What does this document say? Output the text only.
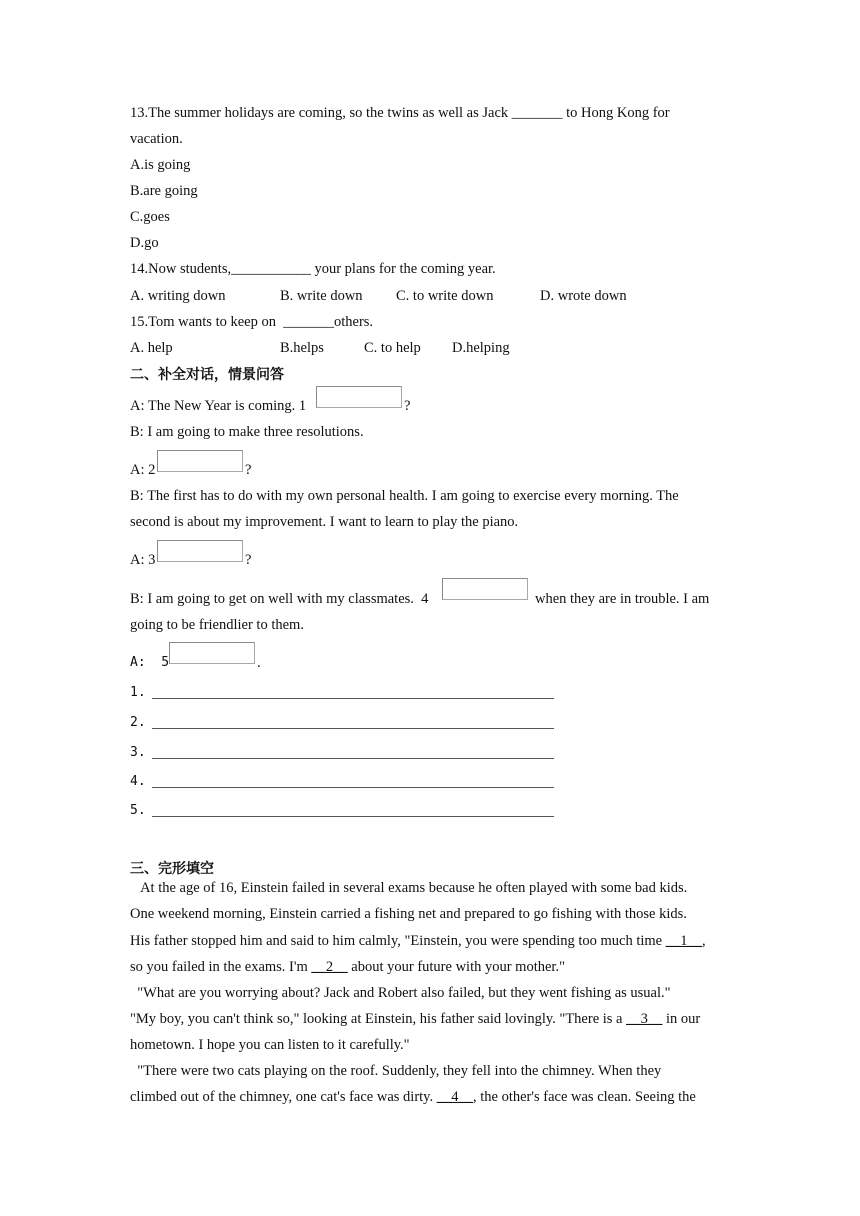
13.The summer holidays are coming, so the twins as well as Jack _______ to Hong Kong for
vacation.
A.is going
B.are going
C.goes
D.go
14.Now students,___________ your plans for the coming year.
A. writing down	B. write down C. to write down	D. wrote down
15.Tom wants to keep on  _______others.
A. help	B.helps	C. to help D.helping
二、补全对话，情景问答
A: The New Year is coming. 1	?
B: I am going to make three resolutions.
A: 2	?
B: The first has to do with my own personal health. I am going to exercise every morning. The
second is about my improvement. I want to learn to play the piano.
A: 3	?
B: I am going to get on well with my classmates.  4	when they are in trouble. I am
going to be friendlier to them.
A:  5	.
1.
2.
3.
4.
5.
三、完形填空
At the age of 16, Einstein failed in several exams because he often played with some bad kids.
One weekend morning, Einstein carried a fishing net and prepared to go fishing with those kids.
His father stopped him and said to him calmly, "Einstein, you were spending too much time __1__,
so you failed in the exams. I'm __2__ about your future with your mother."
"What are you worrying about? Jack and Robert also failed, but they went fishing as usual."
"My boy, you can't think so," looking at Einstein, his father said lovingly. "There is a __3__ in our
hometown. I hope you can listen to it carefully."
"There were two cats playing on the roof. Suddenly, they fell into the chimney. When they
climbed out of the chimney, one cat's face was dirty. __4__, the other's face was clean. Seeing the
